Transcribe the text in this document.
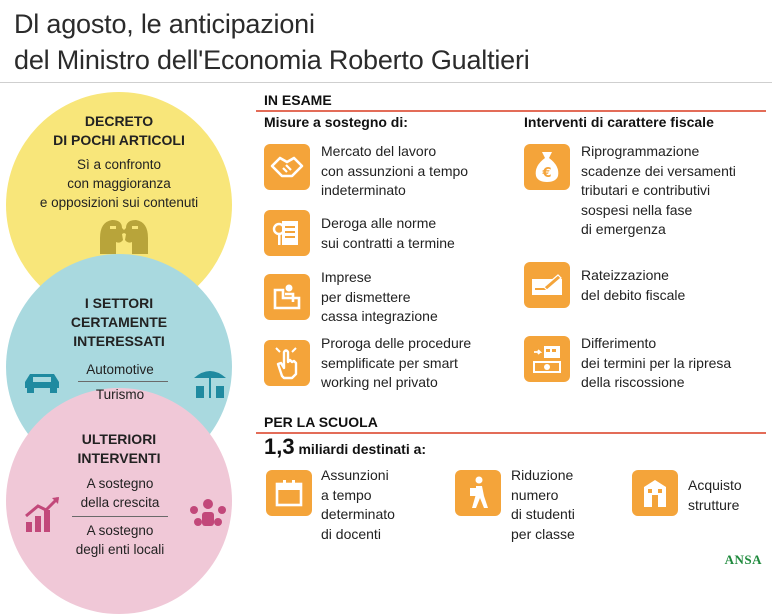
Dl agosto, le anticipazioni
del Ministro dell'Economia Roberto Gualtieri
DECRETO
DI POCHI ARTICOLI
Sì a confronto
con maggioranza
e opposizioni sui contenuti
I SETTORI
CERTAMENTE
INTERESSATI
Automotive
Turismo
ULTERIORI
INTERVENTI
A sostegno
della crescita
A sostegno
degli enti locali
IN ESAME
Misure a sostegno di:	Interventi di carattere fiscale
Mercato del lavoro
con assunzioni a tempo
indeterminato
Deroga alle norme
sui contratti a termine
Imprese
per dismettere
cassa integrazione
Proroga delle procedure
semplificate per smart
working nel privato
€
Riprogrammazione
scadenze dei versamenti
tributari e contributivi
sospesi nella fase
di emergenza
Rateizzazione
del debito fiscale
Differimento
dei termini per la ripresa
della riscossione
PER LA SCUOLA
1,3 miliardi destinati a:
Assunzioni
a tempo
determinato
di docenti
Riduzione
numero
di studenti
per classe
Acquisto
strutture
ANSA
